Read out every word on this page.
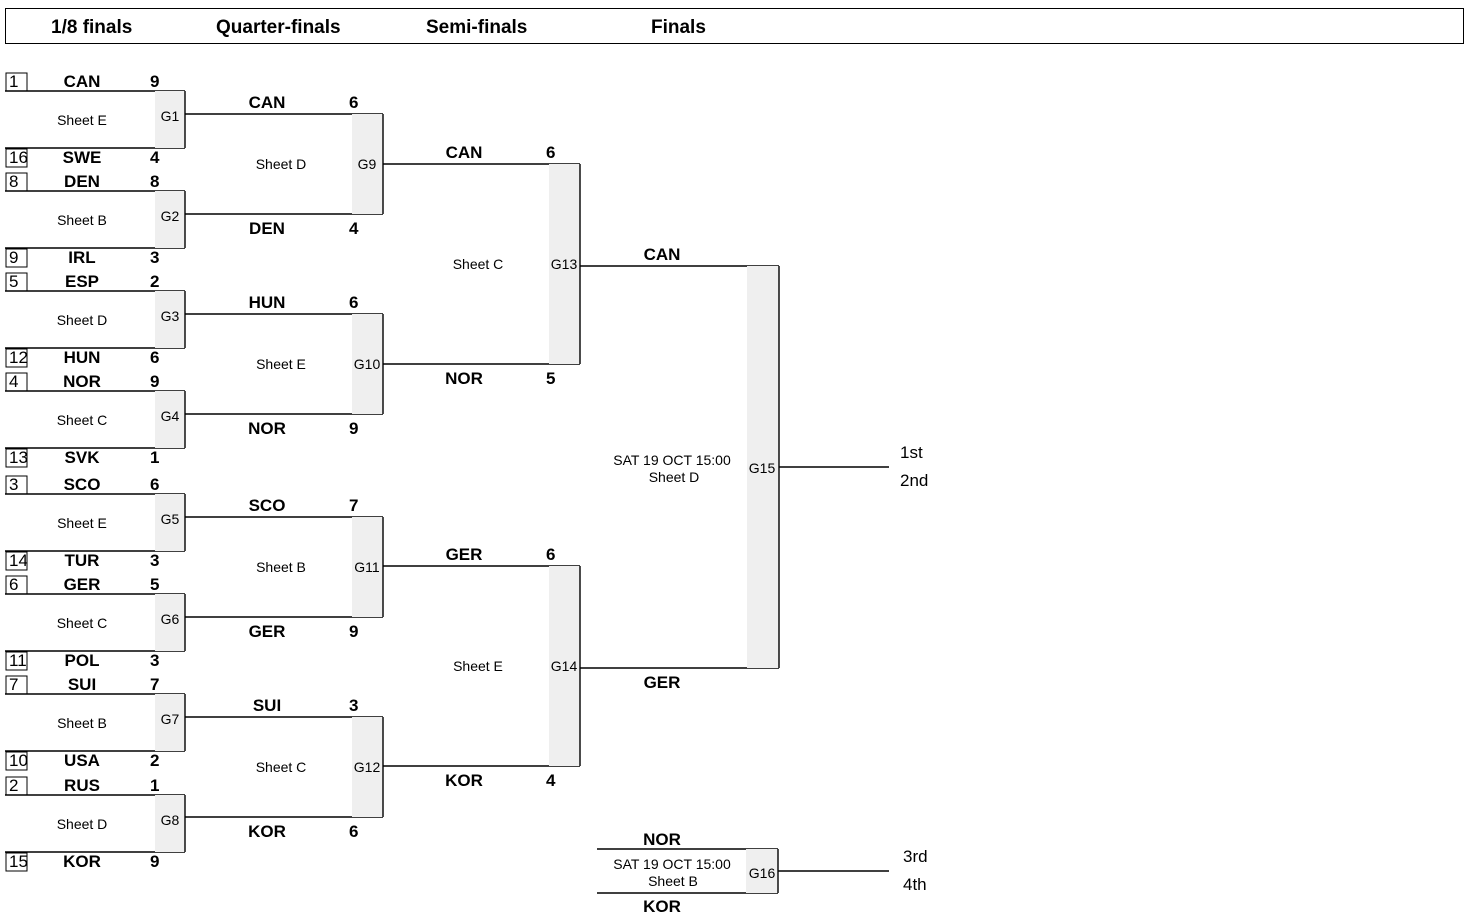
1/8 finals	Quarter-finals	Semi-finals	Finals
1	CAN	9
16 SWE	4
Sheet E	G1
8	DEN	8
9	IRL	3
Sheet B	G2
5	ESP	2
12 HUN	6
Sheet D	G3
4	NOR	9
13 SVK	1
Sheet C	G4
3	SCO	6
14 TUR	3
Sheet E	G5
6	GER	5
11 POL	3
Sheet C	G6
7	SUI	7
10 USA	2
Sheet B	G7
2	RUS	1
15 KOR	9
Sheet D	G8
CAN	6
DEN	4
Sheet D	G9
HUN	6
NOR	9
Sheet E	G10
SCO	7
GER	9
Sheet B	G11
SUI	3
KOR	6
Sheet C	G12
CAN	6
NOR	5
Sheet C	G13
GER	6
KOR	4
Sheet E	G14
CAN
GER
SAT 19 OCT 15:00
Sheet D
G15
1st
2nd
NOR
KOR
SAT 19 OCT 15:00
Sheet B	G16
3rd
4th
